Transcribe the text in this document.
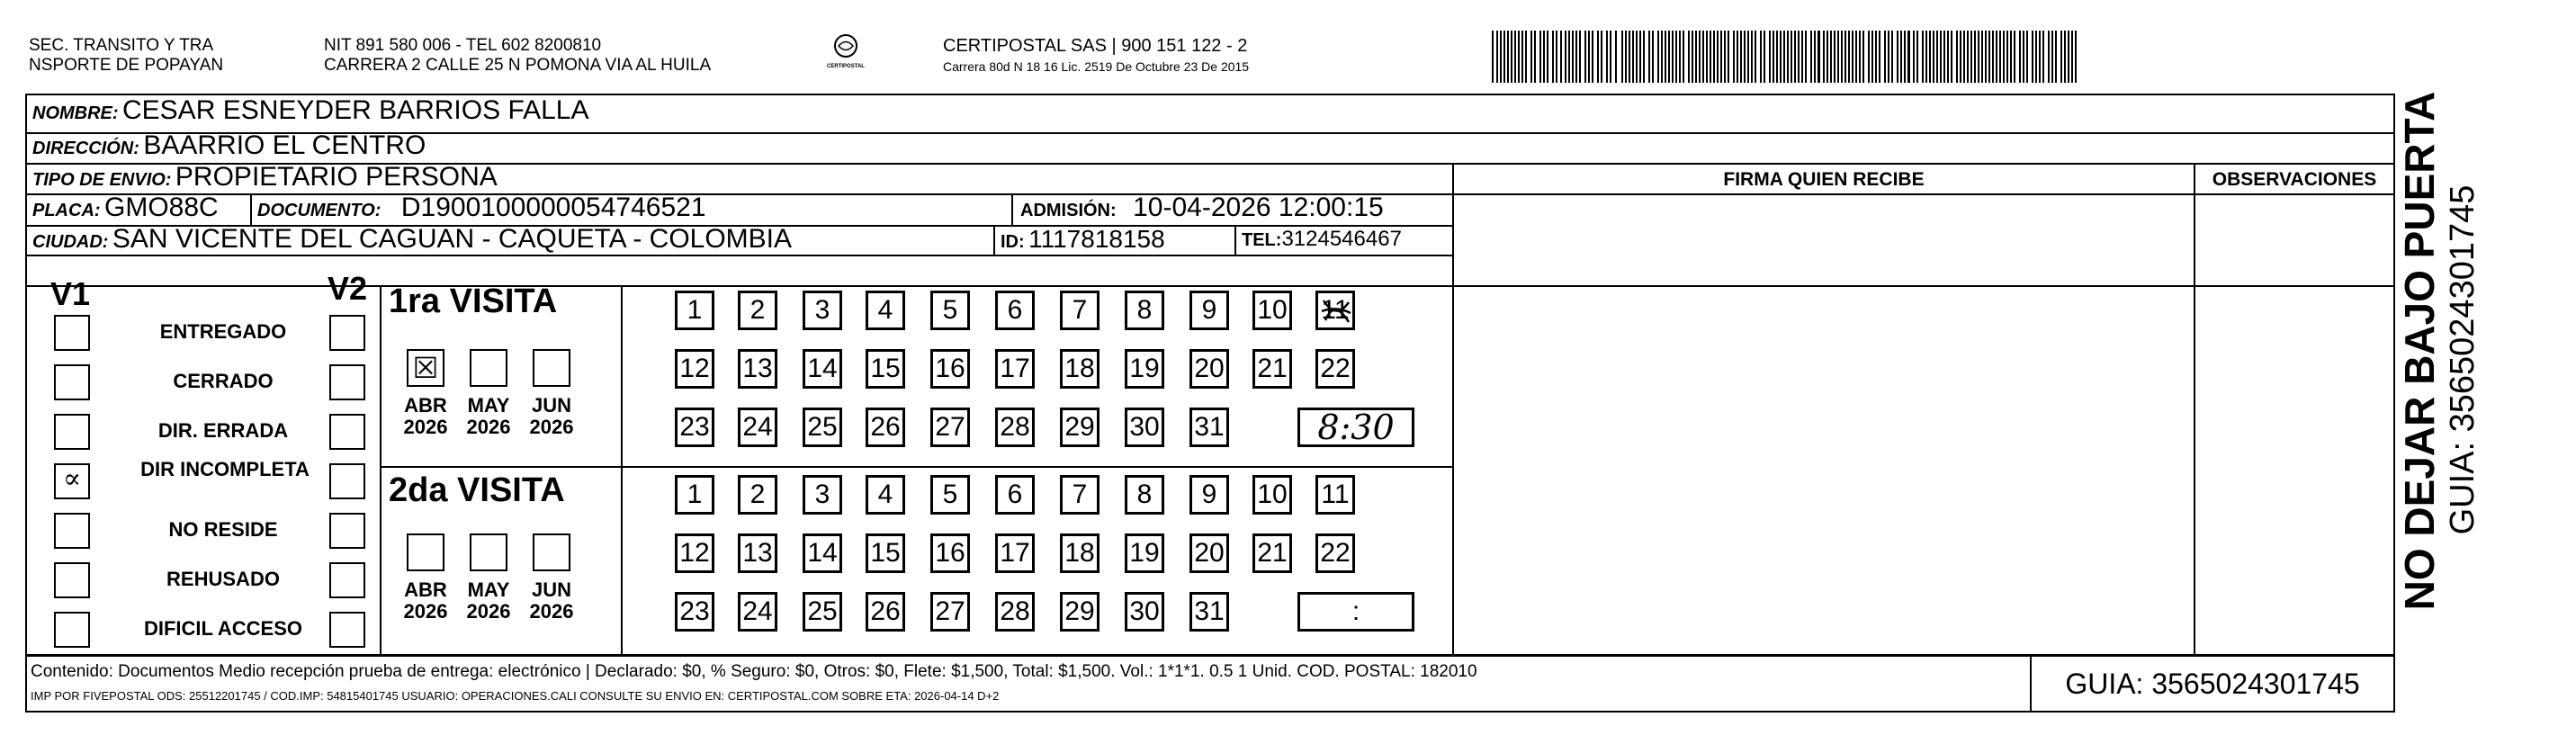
SEC. TRANSITO Y TRA
NSPORTE DE POPAYAN
NIT 891 580 006 - TEL 602 8200810
CARRERA 2 CALLE 25 N POMONA VIA AL HUILA	CERTIPOSTAL
CERTIPOSTAL SAS | 900 151 122 - 2
Carrera 80d N 18 16 Lic. 2519 De Octubre 23 De 2015
NOMBRE: CESAR ESNEYDER BARRIOS FALLA
DIRECCIÓN: BAARRIO EL CENTRO
TIPO DE ENVIO: PROPIETARIO PERSONA
PLACA: GMO88C DOCUMENTO: D1900100000054746521	ADMISIÓN: 10-04-2026 12:00:15
CIUDAD: SAN VICENTE DEL CAGUAN - CAQUETA - COLOMBIA	ID: 1117818158	TEL:3124546467
FIRMA QUIEN RECIBE	OBSERVACIONES
V1	V2
ENTREGADO
CERRADO
DIR. ERRADA
∝	DIR INCOMPLETA
NO RESIDE
REHUSADO
DIFICIL ACCESO
1ra VISITA
2da VISITA
☒
ABR
2026
MAY
2026
JUN
2026
1	2	3	4	5	6	7	8	9	10 11
12 13 14 15 16 17 18 19 20 21 22
23 24 25 26 27 28 29 30 31	8:30
ABR
2026
MAY
2026
JUN
2026
1	2	3	4	5	6	7	8	9	10 11
12 13 14 15 16 17 18 19 20 21 22
23 24 25 26 27 28 29 30 31	:
Contenido: Documentos Medio recepción prueba de entrega: electrónico | Declarado: $0, % Seguro: $0, Otros: $0, Flete: $1,500, Total: $1,500. Vol.: 1*1*1. 0.5 1 Unid. COD. POSTAL: 182010
IMP POR FIVEPOSTAL ODS: 25512201745 / COD.IMP: 54815401745 USUARIO: OPERACIONES.CALI CONSULTE SU ENVIO EN: CERTIPOSTAL.COM SOBRE ETA: 2026-04-14 D+2	GUIA: 3565024301745
NO DEJAR BAJO PUERTA GUIA: 3565024301745
